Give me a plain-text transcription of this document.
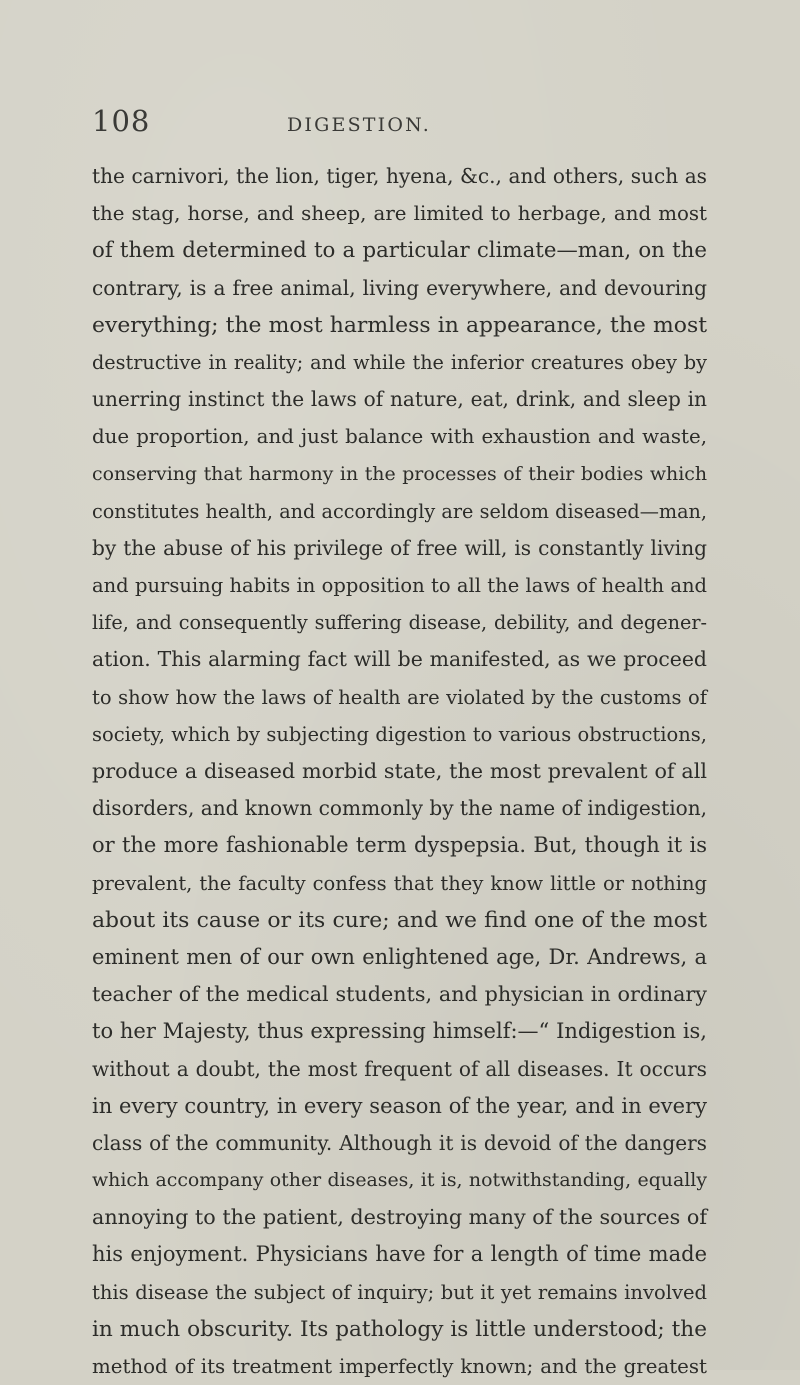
108	DIGESTION.
the carnivori, the lion, tiger, hyena, &c., and others, such as
the stag, horse, and sheep, are limited to herbage, and most
of them determined to a particular climate—man, on the
contrary, is a free animal, living everywhere, and devouring
everything; the most harmless in appearance, the most
destructive in reality; and while the inferior creatures obey by
unerring instinct the laws of nature, eat, drink, and sleep in
due proportion, and just balance with exhaustion and waste,
conserving that harmony in the processes of their bodies which
constitutes health, and accordingly are seldom diseased—man,
by the abuse of his privilege of free will, is constantly living
and pursuing habits in opposition to all the laws of health and
life, and consequently suffering disease, debility, and degener-
ation. This alarming fact will be manifested, as we proceed
to show how the laws of health are violated by the customs of
society, which by subjecting digestion to various obstructions,
produce a diseased morbid state, the most prevalent of all
disorders, and known commonly by the name of indigestion,
or the more fashionable term dyspepsia. But, though it is
prevalent, the faculty confess that they know little or nothing
about its cause or its cure; and we find one of the most
eminent men of our own enlightened age, Dr. Andrews, a
teacher of the medical students, and physician in ordinary
to her Majesty, thus expressing himself:—“ Indigestion is,
without a doubt, the most frequent of all diseases. It occurs
in every country, in every season of the year, and in every
class of the community. Although it is devoid of the dangers
which accompany other diseases, it is, notwithstanding, equally
annoying to the patient, destroying many of the sources of
his enjoyment. Physicians have for a length of time made
this disease the subject of inquiry; but it yet remains involved
in much obscurity. Its pathology is little understood; the
method of its treatment imperfectly known; and the greatest
